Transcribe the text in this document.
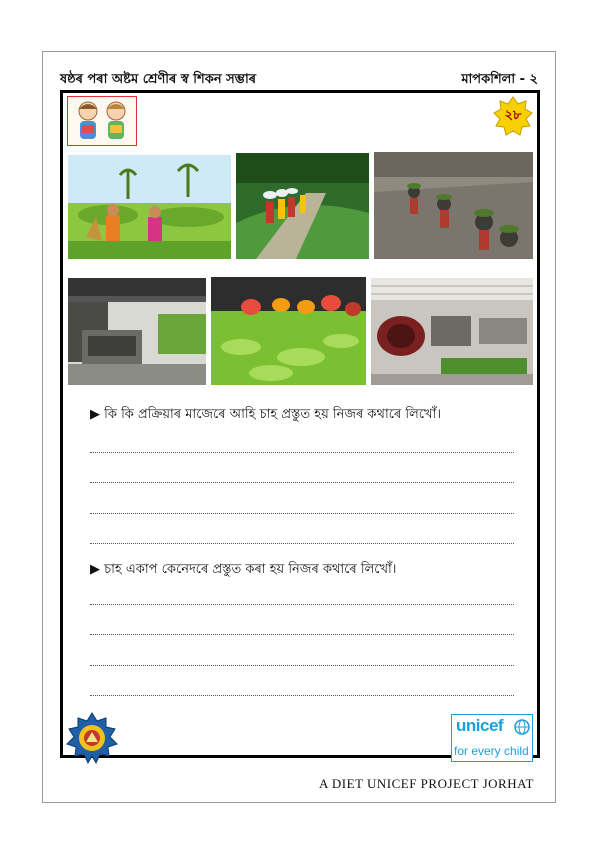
ষষ্ঠৰ পৰা অষ্টম শ্ৰেণীৰ স্ব শিকন সম্ভাৰ	মাপকশিলা - ২
২৮
▶ কি কি প্ৰক্ৰিয়াৰ মাজেৰে আহি চাহ প্ৰস্তুত হয় নিজৰ কথাৰে লিখোঁ।
▶ চাহ একাপ কেনেদৰে প্ৰস্তুত কৰা হয় নিজৰ কথাৰে লিখোঁ।
unicef
for every child
A DIET UNICEF PROJECT JORHAT
